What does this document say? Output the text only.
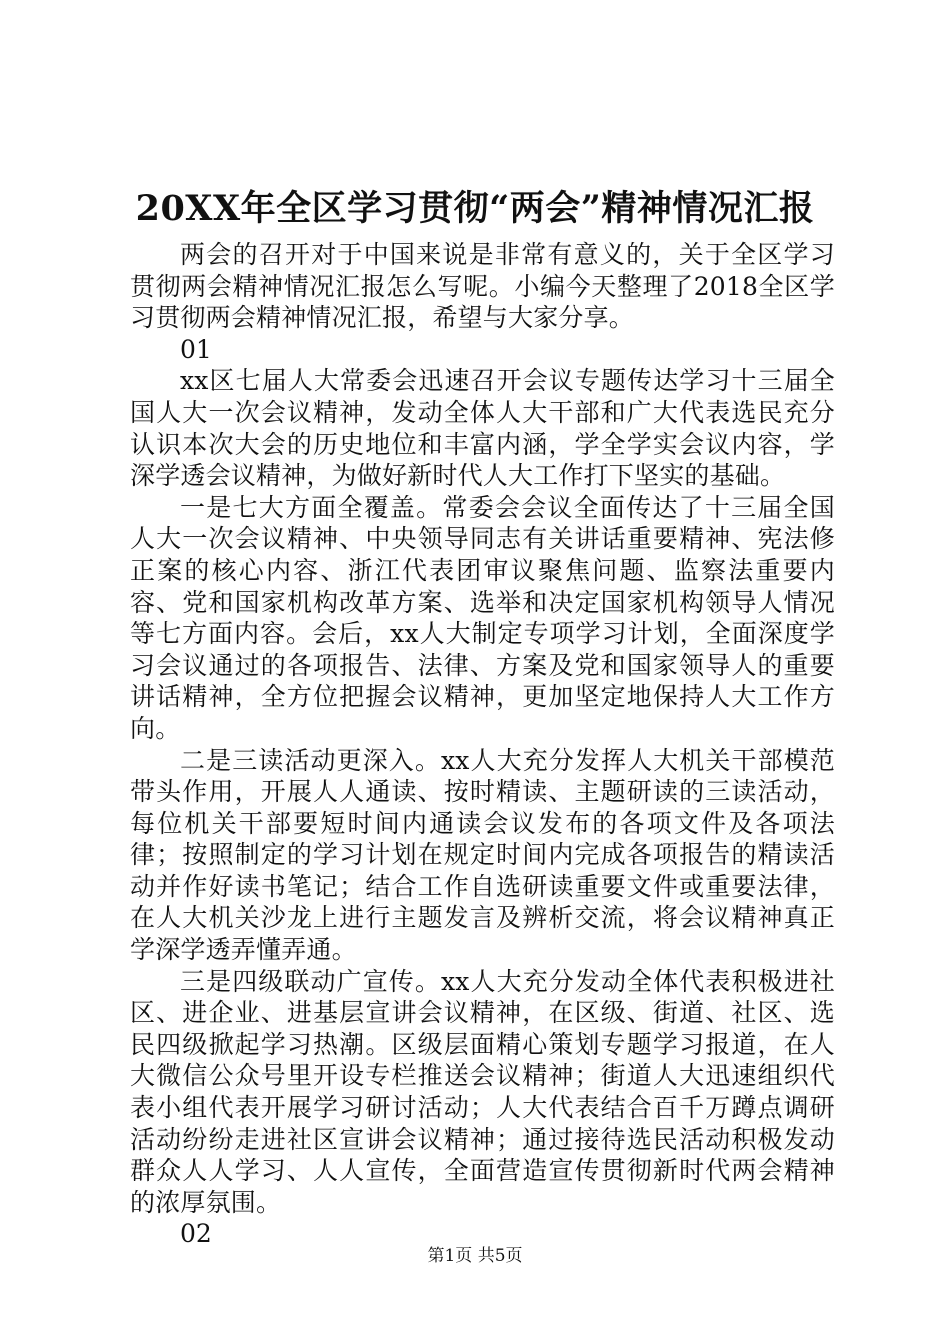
20XX年全区学习贯彻“两会”精神情况汇报

两会的召开对于中国来说是非常有意义的，关于全区学习贯彻两会精神情况汇报怎么写呢。小编今天整理了2018全区学习贯彻两会精神情况汇报，希望与大家分享。

01

xx区七届人大常委会迅速召开会议专题传达学习十三届全国人大一次会议精神，发动全体人大干部和广大代表选民充分认识本次大会的历史地位和丰富内涵，学全学实会议内容，学深学透会议精神，为做好新时代人大工作打下坚实的基础。

一是七大方面全覆盖。常委会会议全面传达了十三届全国人大一次会议精神、中央领导同志有关讲话重要精神、宪法修正案的核心内容、浙江代表团审议聚焦问题、监察法重要内容、党和国家机构改革方案、选举和决定国家机构领导人情况等七方面内容。会后，xx人大制定专项学习计划，全面深度学习会议通过的各项报告、法律、方案及党和国家领导人的重要讲话精神，全方位把握会议精神，更加坚定地保持人大工作方向。

二是三读活动更深入。xx人大充分发挥人大机关干部模范带头作用，开展人人通读、按时精读、主题研读的三读活动，每位机关干部要短时间内通读会议发布的各项文件及各项法律；按照制定的学习计划在规定时间内完成各项报告的精读活动并作好读书笔记；结合工作自选研读重要文件或重要法律，在人大机关沙龙上进行主题发言及辨析交流，将会议精神真正学深学透弄懂弄通。

三是四级联动广宣传。xx人大充分发动全体代表积极进社区、进企业、进基层宣讲会议精神，在区级、街道、社区、选民四级掀起学习热潮。区级层面精心策划专题学习报道，在人大微信公众号里开设专栏推送会议精神；街道人大迅速组织代表小组代表开展学习研讨活动；人大代表结合百千万蹲点调研活动纷纷走进社区宣讲会议精神；通过接待选民活动积极发动群众人人学习、人人宣传，全面营造宣传贯彻新时代两会精神的浓厚氛围。

02

第1页 共5页
